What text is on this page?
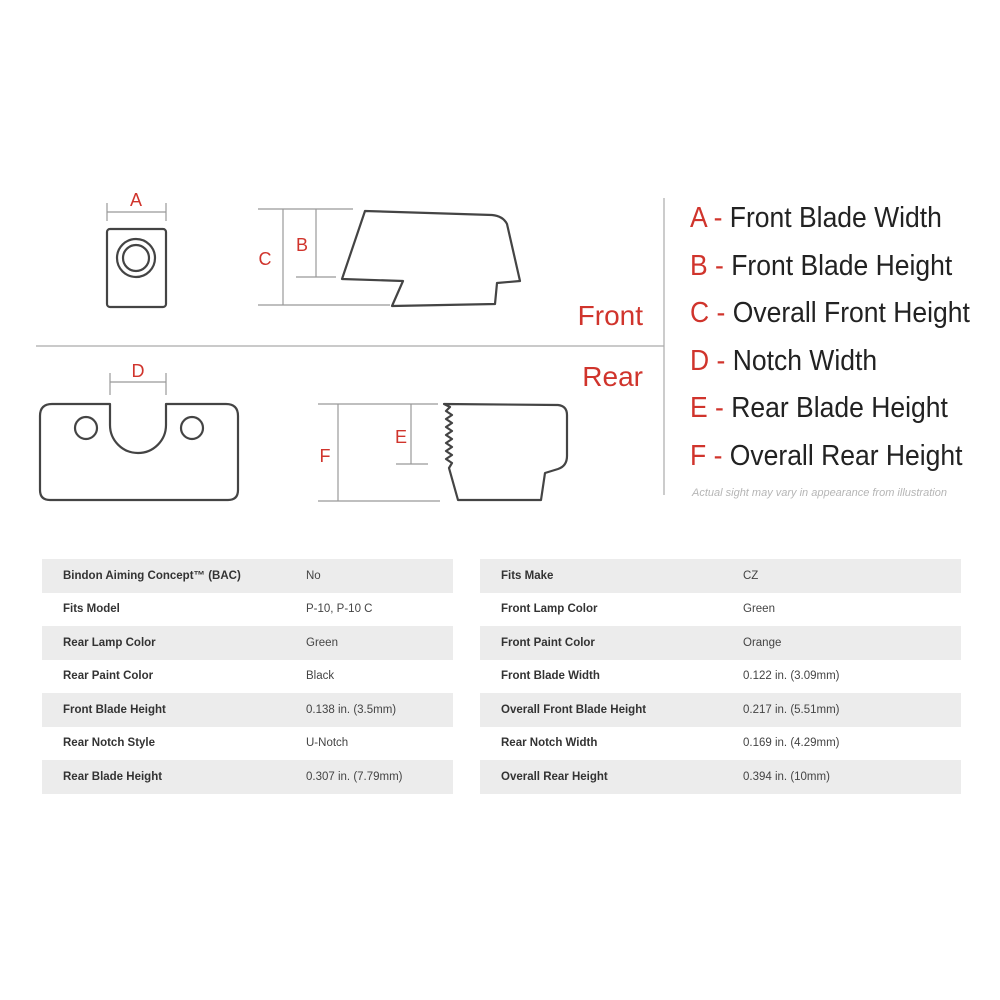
A
C
B
Front
D
F
E
Rear
A - Front Blade Width
B - Front Blade Height
C - Overall Front Height
D - Notch Width
E - Rear Blade Height
F - Overall Rear Height
Actual sight may vary in appearance from illustration
Bindon Aiming Concept™ (BAC)	No
Fits Model	P-10, P-10 C
Rear Lamp Color	Green
Rear Paint Color	Black
Front Blade Height	0.138 in. (3.5mm)
Rear Notch Style	U-Notch
Rear Blade Height	0.307 in. (7.79mm)
Fits Make	CZ
Front Lamp Color	Green
Front Paint Color	Orange
Front Blade Width	0.122 in. (3.09mm)
Overall Front Blade Height	0.217 in. (5.51mm)
Rear Notch Width	0.169 in. (4.29mm)
Overall Rear Height	0.394 in. (10mm)
